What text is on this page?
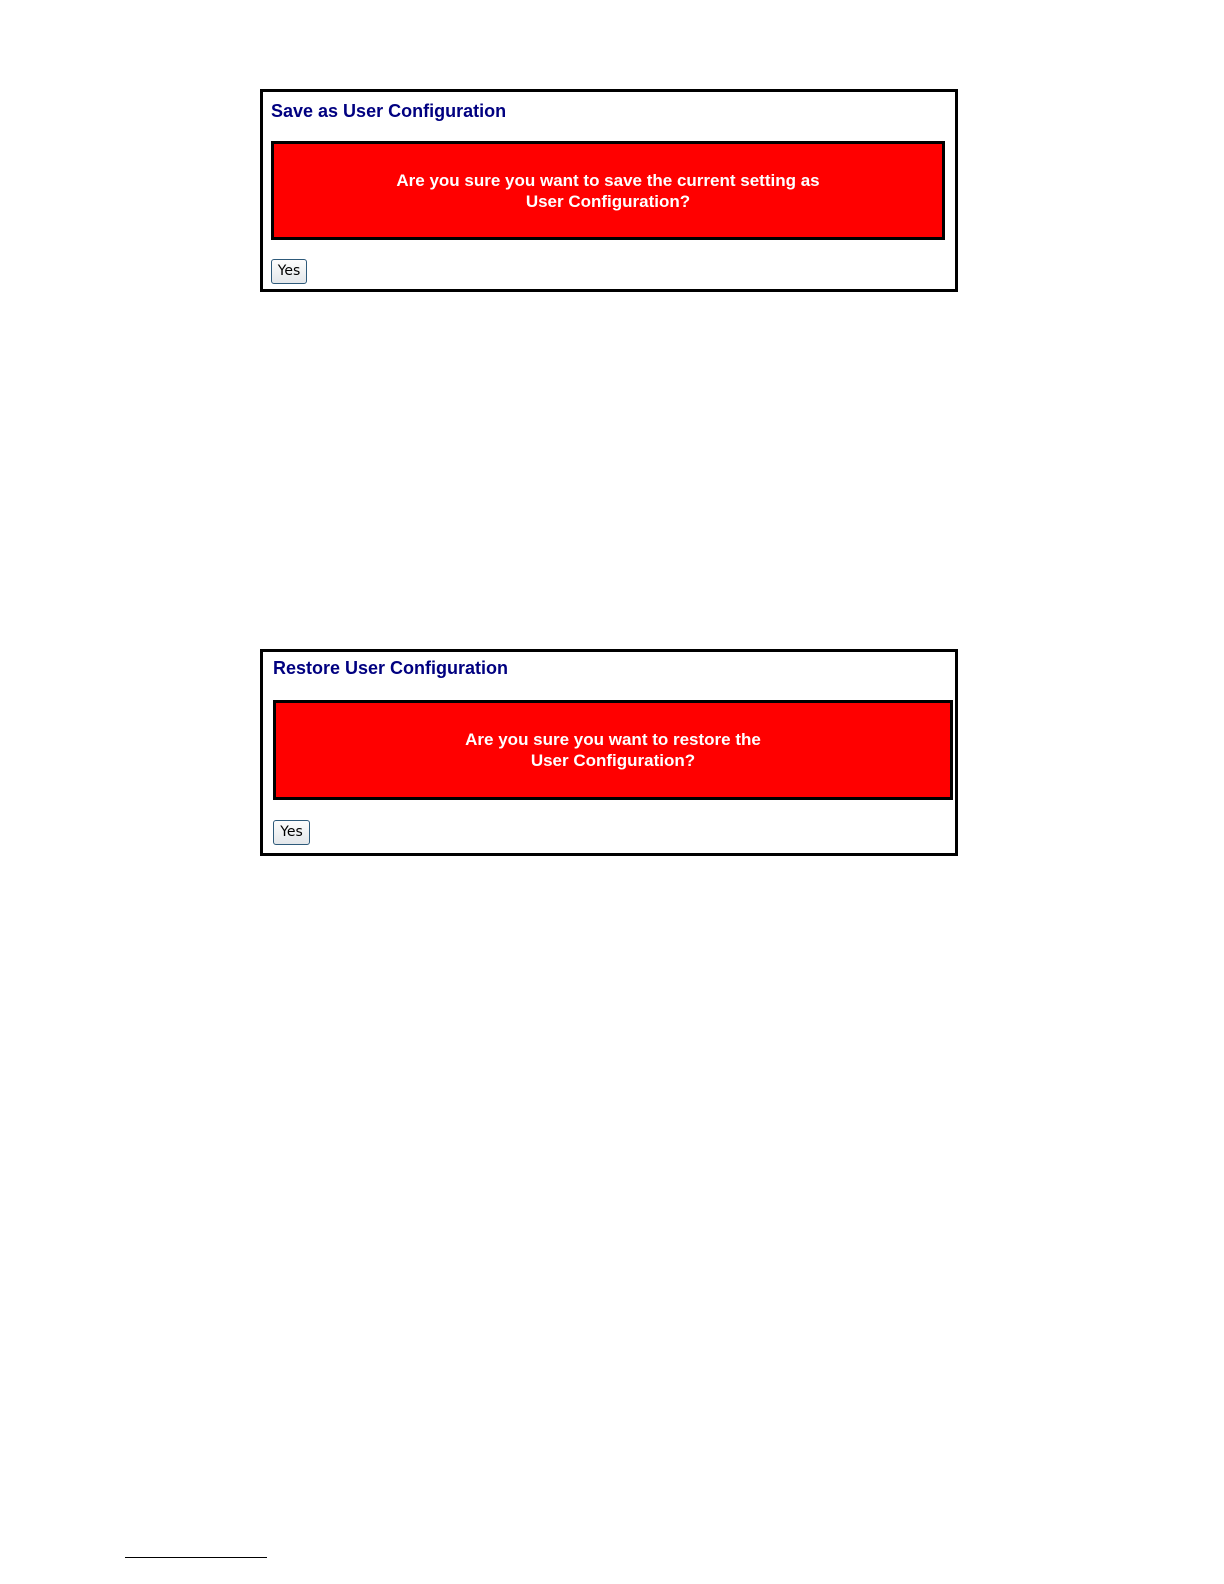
Save as User Configuration
Are you sure you want to save the current setting as
User Configuration?
Yes
Restore User Configuration
Are you sure you want to restore the
User Configuration?
Yes
